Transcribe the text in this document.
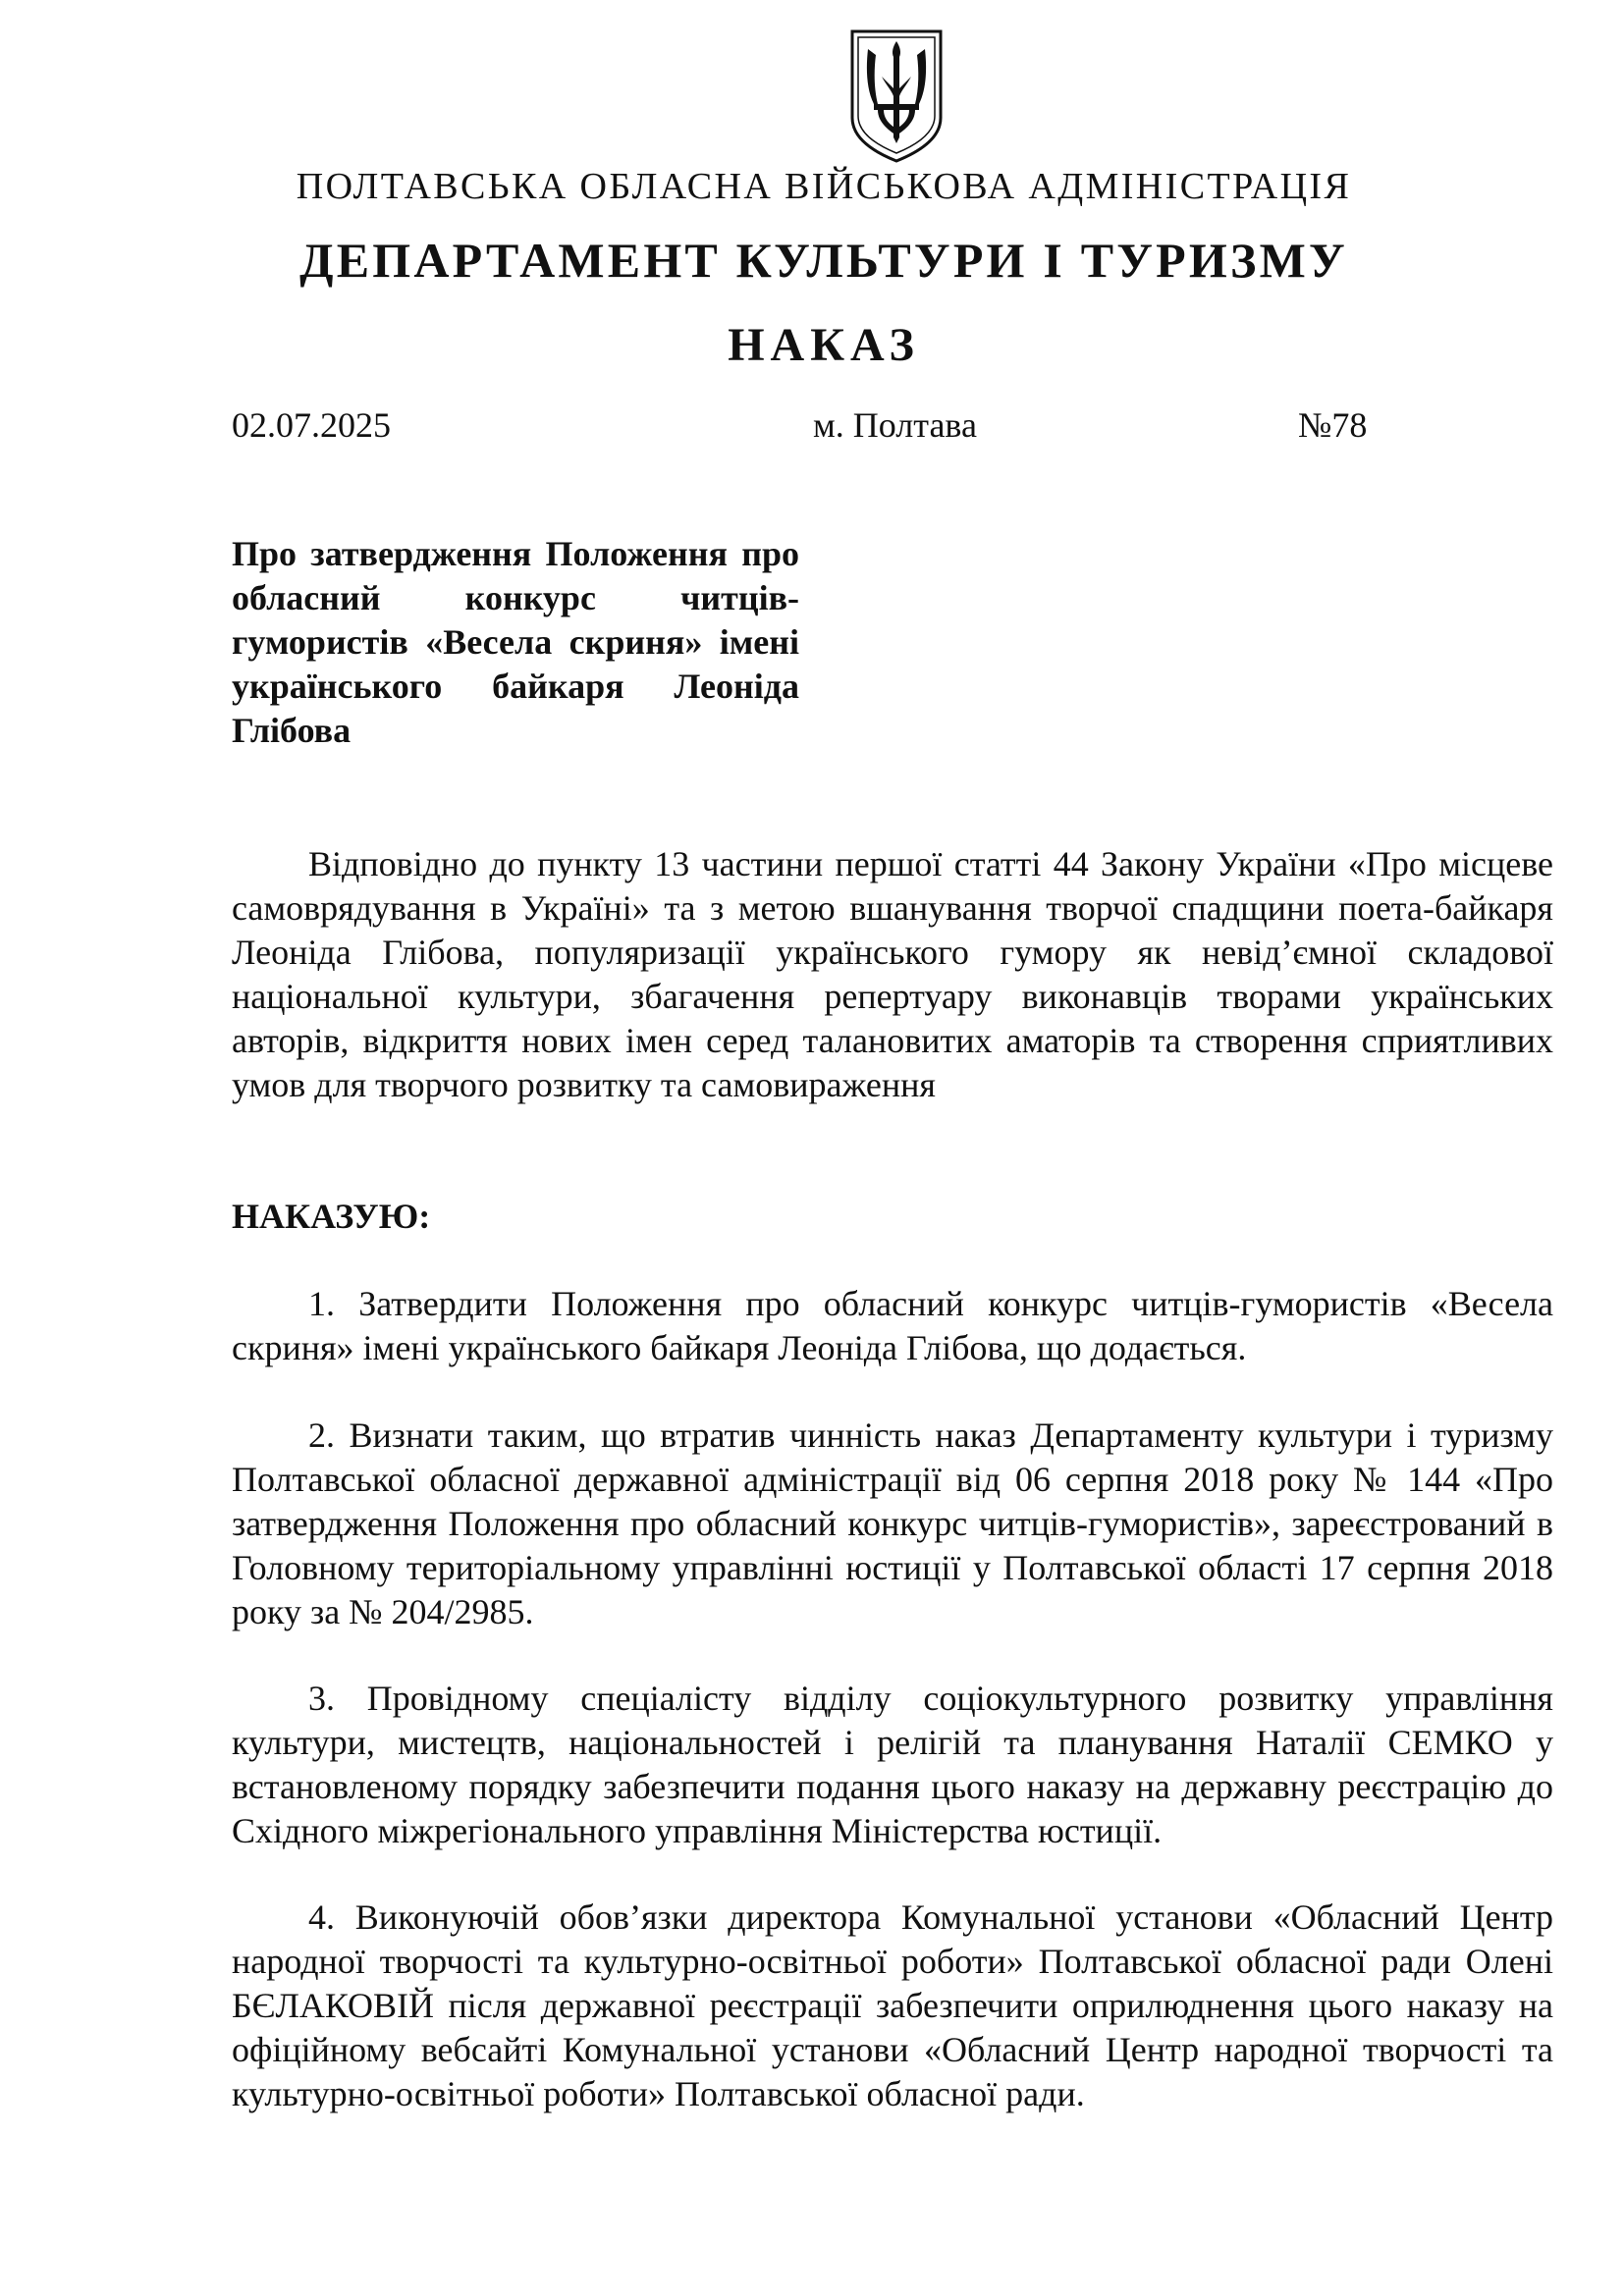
ПОЛТАВСЬКА ОБЛАСНА ВІЙСЬКОВА АДМІНІСТРАЦІЯ
ДЕПАРТАМЕНТ КУЛЬТУРИ І ТУРИЗМУ
НАКАЗ
02.07.2025	м. Полтава	№78
Про затвердження Положення про обласний конкурс читців-гумористів «Весела скриня» імені українського байкаря Леоніда Глібова
Відповідно до пункту 13 частини першої статті 44 Закону України «Про місцеве самоврядування в Україні» та з метою вшанування творчої спадщини поета-байкаря Леоніда Глібова, популяризації українського гумору як невід’ємної складової національної культури, збагачення репертуару виконавців творами українських авторів, відкриття нових імен серед талановитих аматорів та створення сприятливих умов для творчого розвитку та самовираження
НАКАЗУЮ:
1. Затвердити Положення про обласний конкурс читців-гумористів «Весела скриня» імені українського байкаря Леоніда Глібова, що додається.
2. Визнати таким, що втратив чинність наказ Департаменту культури і туризму Полтавської обласної державної адміністрації від 06 серпня 2018 року № 144 «Про затвердження Положення про обласний конкурс читців-гумористів», зареєстрований в Головному територіальному управлінні юстиції у Полтавської області 17 серпня 2018 року за № 204/2985.
3. Провідному спеціалісту відділу соціокультурного розвитку управління культури, мистецтв, національностей і релігій та планування Наталії СЕМКО у встановленому порядку забезпечити подання цього наказу на державну реєстрацію до Східного міжрегіонального управління Міністерства юстиції.
4. Виконуючій обов’язки директора Комунальної установи «Обласний Центр народної творчості та культурно-освітньої роботи» Полтавської обласної ради Олені БЄЛАКОВІЙ після державної реєстрації забезпечити оприлюднення цього наказу на офіційному вебсайті Комунальної установи «Обласний Центр народної творчості та культурно-освітньої роботи» Полтавської обласної ради.
